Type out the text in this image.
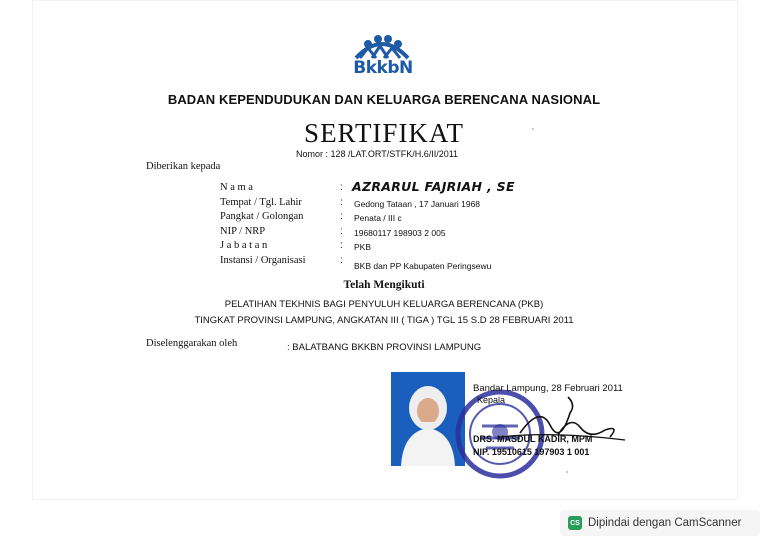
BkkbN
BADAN KEPENDUDUKAN DAN KELUARGA BERENCANA NASIONAL
SERTIFIKAT
Nomor : 128 /LAT.ORT/STFK/H.6/II/2011
Diberikan kepada
N a m a	: AZRARUL FAJRIAH , SE
Tempat / Tgl. Lahir	: Gedong Tataan , 17 Januari 1968
Pangkat / Golongan	: Penata / III c
NIP / NRP	: 19680117 198903 2 005
J a b a t a n	: PKB
Instansi / Organisasi	: BKB dan PP Kabupaten Peringsewu
Telah Mengikuti
PELATIHAN TEKHNIS BAGI PENYULUH KELUARGA BERENCANA (PKB)
TINGKAT PROVINSI LAMPUNG, ANGKATAN III ( TIGA ) TGL 15 S.D 28 FEBRUARI 2011
Diselenggarakan oleh	: BALATBANG BKKBN PROVINSI LAMPUNG
Bandar Lampung, 28 Februari 2011
Kepala
DRS. MASDUL KADIR, MPM
NIP. 19510615 197903 1 001
CS Dipindai dengan CamScanner
